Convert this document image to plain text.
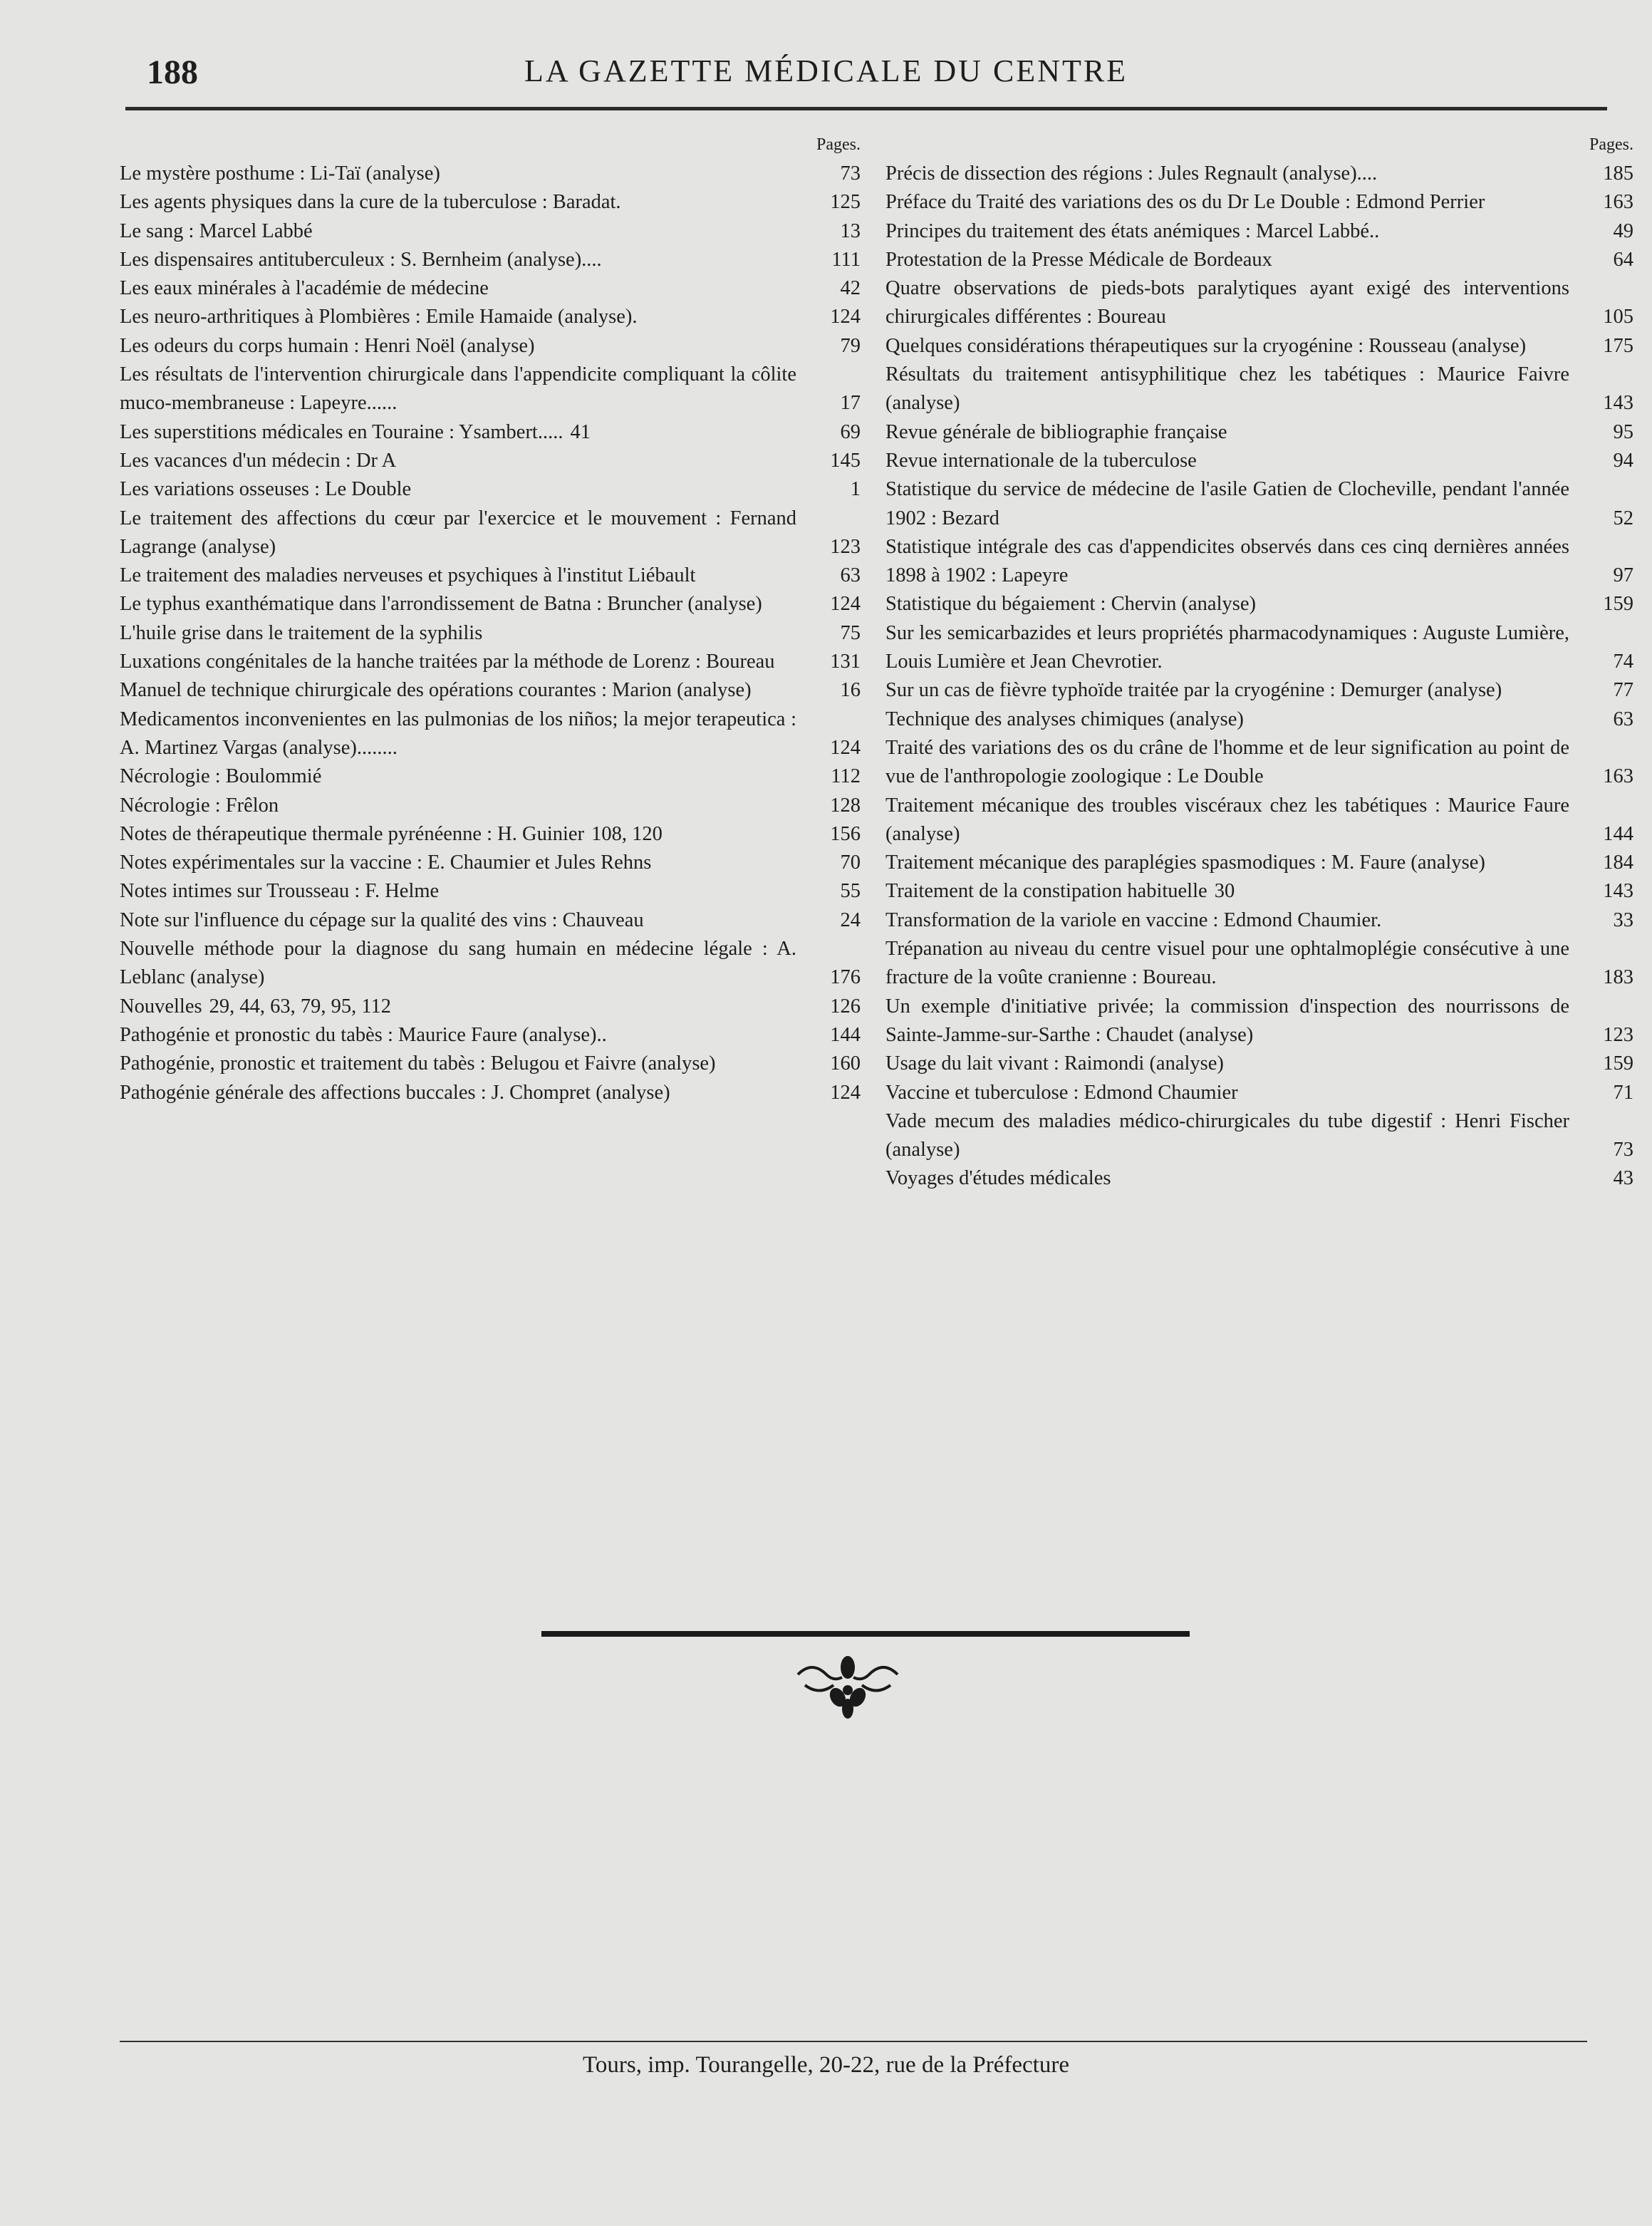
188	LA GAZETTE MÉDICALE DU CENTRE
Pages.
Le mystère posthume : Li-Taï (analyse)	73
Les agents physiques dans la cure de la tuberculose : Baradat.	125
Le sang : Marcel Labbé	13
Les dispensaires antituberculeux : S. Bernheim (analyse)....	111
Les eaux minérales à l'académie de médecine	42
Les neuro-arthritiques à Plombières : Emile Hamaide (analyse).	124
Les odeurs du corps humain : Henri Noël (analyse)	79
Les résultats de l'intervention chirurgicale dans l'appendicite compliquant la côlite muco-membraneuse : Lapeyre......	17
Les superstitions médicales en Touraine : Ysambert..... 41	69
Les vacances d'un médecin : Dr A	145
Les variations osseuses : Le Double	1
Le traitement des affections du cœur par l'exercice et le mouvement : Fernand Lagrange (analyse)	123
Le traitement des maladies nerveuses et psychiques à l'institut Liébault	63
Le typhus exanthématique dans l'arrondissement de Batna : Bruncher (analyse)	124
L'huile grise dans le traitement de la syphilis	75
Luxations congénitales de la hanche traitées par la méthode de Lorenz : Boureau	131
Manuel de technique chirurgicale des opérations courantes : Marion (analyse)	16
Medicamentos inconvenientes en las pulmonias de los niños; la mejor terapeutica : A. Martinez Vargas (analyse)........	124
Nécrologie : Boulommié	112
Nécrologie : Frêlon	128
Notes de thérapeutique thermale pyrénéenne : H. Guinier 108, 120	156
Notes expérimentales sur la vaccine : E. Chaumier et Jules Rehns	70
Notes intimes sur Trousseau : F. Helme	55
Note sur l'influence du cépage sur la qualité des vins : Chauveau	24
Nouvelle méthode pour la diagnose du sang humain en médecine légale : A. Leblanc (analyse)	176
Nouvelles 29, 44, 63, 79, 95, 112	126
Pathogénie et pronostic du tabès : Maurice Faure (analyse)..	144
Pathogénie, pronostic et traitement du tabès : Belugou et Faivre (analyse)	160
Pathogénie générale des affections buccales : J. Chompret (analyse)	124
Pages.
Précis de dissection des régions : Jules Regnault (analyse)....	185
Préface du Traité des variations des os du Dr Le Double : Edmond Perrier	163
Principes du traitement des états anémiques : Marcel Labbé..	49
Protestation de la Presse Médicale de Bordeaux	64
Quatre observations de pieds-bots paralytiques ayant exigé des interventions chirurgicales différentes : Boureau	105
Quelques considérations thérapeutiques sur la cryogénine : Rousseau (analyse)	175
Résultats du traitement antisyphilitique chez les tabétiques : Maurice Faivre (analyse)	143
Revue générale de bibliographie française	95
Revue internationale de la tuberculose	94
Statistique du service de médecine de l'asile Gatien de Clocheville, pendant l'année 1902 : Bezard	52
Statistique intégrale des cas d'appendicites observés dans ces cinq dernières années 1898 à 1902 : Lapeyre	97
Statistique du bégaiement : Chervin (analyse)	159
Sur les semicarbazides et leurs propriétés pharmacodynamiques : Auguste Lumière, Louis Lumière et Jean Chevrotier.	74
Sur un cas de fièvre typhoïde traitée par la cryogénine : Demurger (analyse)	77
Technique des analyses chimiques (analyse)	63
Traité des variations des os du crâne de l'homme et de leur signification au point de vue de l'anthropologie zoologique : Le Double	163
Traitement mécanique des troubles viscéraux chez les tabétiques : Maurice Faure (analyse)	144
Traitement mécanique des paraplégies spasmodiques : M. Faure (analyse)	184
Traitement de la constipation habituelle 30	143
Transformation de la variole en vaccine : Edmond Chaumier.	33
Trépanation au niveau du centre visuel pour une ophtalmoplégie consécutive à une fracture de la voûte cranienne : Boureau.	183
Un exemple d'initiative privée; la commission d'inspection des nourrissons de Sainte-Jamme-sur-Sarthe : Chaudet (analyse)	123
Usage du lait vivant : Raimondi (analyse)	159
Vaccine et tuberculose : Edmond Chaumier	71
Vade mecum des maladies médico-chirurgicales du tube digestif : Henri Fischer (analyse)	73
Voyages d'études médicales	43
Tours, imp. Tourangelle, 20-22, rue de la Préfecture
